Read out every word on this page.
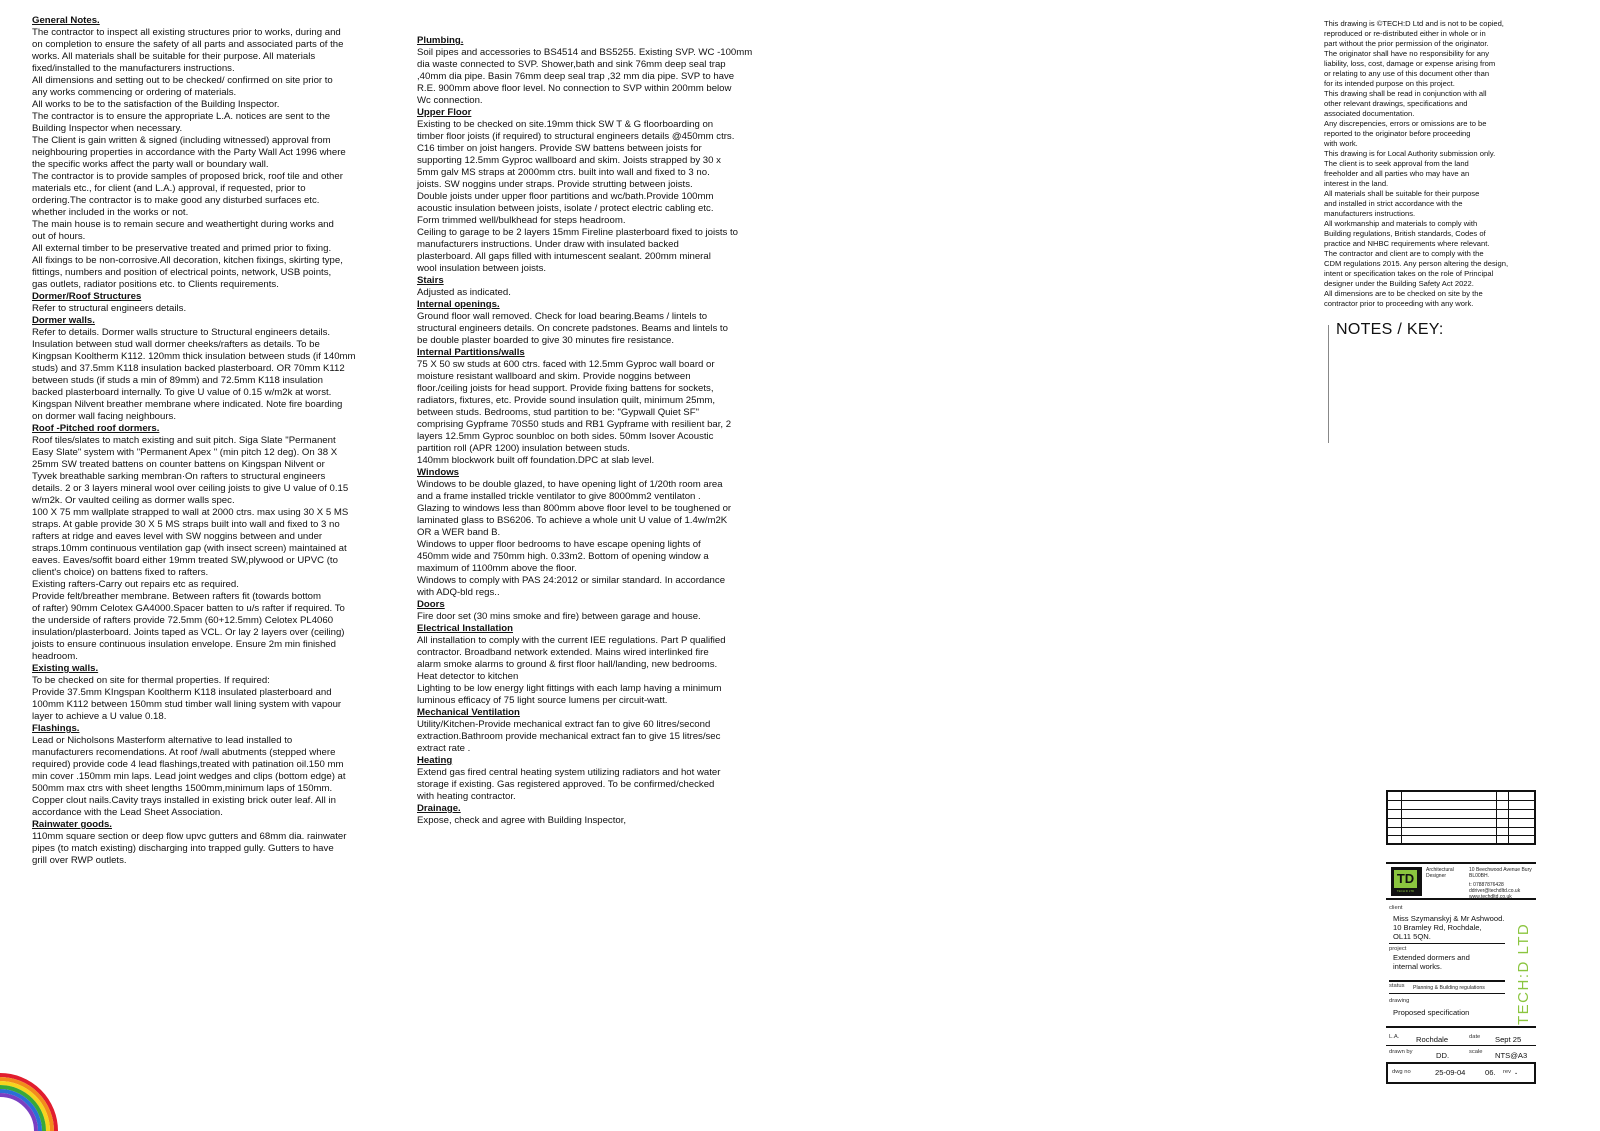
General Notes.
The contractor to inspect all existing structures prior to works, during and
on completion to ensure the safety of all parts and associated parts of the
works. All materials shall be suitable for their purpose. All materials
fixed/installed to the manufacturers instructions.
All dimensions and setting out to be checked/ confirmed on site prior to
any works commencing or ordering of materials.
All works to be to the satisfaction of the Building Inspector.
The contractor is to ensure the appropriate L.A. notices are sent to the
Building Inspector when necessary.
The Client is gain written & signed (including witnessed) approval from
neighbouring properties in accordance with the Party Wall Act 1996 where
the specific works affect the party wall or boundary wall.
The contractor is to provide samples of proposed brick, roof tile and other
materials etc., for client (and L.A.) approval, if requested, prior to
ordering.The contractor is to make good any disturbed surfaces etc.
whether included in the works or not.
The main house is to remain secure and weathertight during works and
out of hours.
All external timber to be preservative treated and primed prior to fixing.
All fixings to be non-corrosive.All decoration, kitchen fixings, skirting type,
fittings, numbers and position of electrical points, network, USB points,
gas outlets, radiator positions etc. to Clients requirements.
Dormer/Roof Structures
Refer to structural engineers details.
Dormer walls.
Refer to details. Dormer walls structure to Structural engineers details.
Insulation between stud wall dormer cheeks/rafters as details. To be
Kingpsan Kooltherm K112. 120mm thick insulation between studs (if 140mm
studs) and 37.5mm K118 insulation backed plasterboard. OR 70mm K112
between studs (if studs a min of 89mm) and 72.5mm K118 insulation
backed plasterboard internally. To give U value of 0.15 w/m2k at worst.
Kingspan Nilvent breather membrane where indicated. Note fire boarding
on dormer wall facing neighbours.
Roof -Pitched roof dormers.
Roof tiles/slates to match existing and suit pitch. Siga Slate "Permanent
Easy Slate" system with "Permanent Apex " (min pitch 12 deg). On 38 X
25mm SW treated battens on counter battens on Kingspan Nilvent or
Tyvek breathable sarking membran·On rafters to structural engineers
details. 2 or 3 layers mineral wool over ceiling joists to give U value of 0.15
w/m2k. Or vaulted ceiling as dormer walls spec.
100 X 75 mm wallplate strapped to wall at 2000 ctrs. max using 30 X 5 MS
straps. At gable provide 30 X 5 MS straps built into wall and fixed to 3 no
rafters at ridge and eaves level with SW noggins between and under
straps.10mm continuous ventilation gap (with insect screen) maintained at
eaves. Eaves/soffit board either 19mm treated SW,plywood or UPVC (to
client's choice) on battens fixed to rafters.
Existing rafters-Carry out repairs etc as required.
Provide felt/breather membrane. Between rafters fit (towards bottom
of rafter) 90mm Celotex GA4000.Spacer batten to u/s rafter if required. To
the underside of rafters provide 72.5mm (60+12.5mm) Celotex PL4060
insulation/plasterboard. Joints taped as VCL. Or lay 2 layers over (ceiling)
joists to ensure continuous insulation envelope. Ensure 2m min finished
headroom.
Existing walls.
To be checked on site for thermal properties. If required:
Provide 37.5mm KIngspan Kooltherm K118 insulated plasterboard and
100mm K112 between 150mm stud timber wall lining system with vapour
layer to achieve a U value 0.18.
Flashings.
Lead or Nicholsons Masterform alternative to lead installed to
manufacturers recomendations. At roof /wall abutments (stepped where
required) provide code 4 lead flashings,treated with patination oil.150 mm
min cover .150mm min laps. Lead joint wedges and clips (bottom edge) at
500mm max ctrs with sheet lengths 1500mm,minimum laps of 150mm.
Copper clout nails.Cavity trays installed in existing brick outer leaf. All in
accordance with the Lead Sheet Association.
Rainwater goods.
110mm square section or deep flow upvc gutters and 68mm dia. rainwater
pipes (to match existing) discharging into trapped gully. Gutters to have
grill over RWP outlets.
Plumbing.
Soil pipes and accessories to BS4514 and BS5255. Existing SVP. WC -100mm
dia waste connected to SVP. Shower,bath and sink 76mm deep seal trap
,40mm dia pipe. Basin 76mm deep seal trap ,32 mm dia pipe. SVP to have
R.E. 900mm above floor level. No connection to SVP within 200mm below
Wc connection.
Upper Floor
Existing to be checked on site.19mm thick SW T & G floorboarding on
timber floor joists (if required) to structural engineers details @450mm ctrs.
C16 timber on joist hangers. Provide SW battens between joists for
supporting 12.5mm Gyproc wallboard and skim. Joists strapped by 30 x
5mm galv MS straps at 2000mm ctrs. built into wall and fixed to 3 no.
joists. SW noggins under straps. Provide strutting between joists.
Double joists under upper floor partitions and wc/bath.Provide 100mm
acoustic insulation between joists, isolate / protect electric cabling etc.
Form trimmed well/bulkhead for steps headroom.
Ceiling to garage to be 2 layers 15mm Fireline plasterboard fixed to joists to
manufacturers instructions. Under draw with insulated backed
plasterboard. All gaps filled with intumescent sealant. 200mm mineral
wool insulation between joists.
Stairs
Adjusted as indicated.
Internal openings.
Ground floor wall removed. Check for load bearing.Beams / lintels to
structural engineers details. On concrete padstones. Beams and lintels to
be double plaster boarded to give 30 minutes fire resistance.
Internal Partitions/walls
75 X 50 sw studs at 600 ctrs. faced with 12.5mm Gyproc wall board or
moisture resistant wallboard and skim. Provide noggins between
floor./ceiling joists for head support. Provide fixing battens for sockets,
radiators, fixtures, etc. Provide sound insulation quilt, minimum 25mm,
between studs. Bedrooms, stud partition to be: "Gypwall Quiet SF"
comprising Gypframe 70S50 studs and RB1 Gypframe with resilient bar, 2
layers 12.5mm Gyproc sounbloc on both sides. 50mm Isover Acoustic
partition roll (APR 1200) insulation between studs.
140mm blockwork built off foundation.DPC at slab level.
Windows
Windows to be double glazed, to have opening light of 1/20th room area
and a frame installed trickle ventilator to give 8000mm2 ventilaton .
Glazing to windows less than 800mm above floor level to be toughened or
laminated glass to BS6206. To achieve a whole unit U value of 1.4w/m2K
OR a WER band B.
Windows to upper floor bedrooms to have escape opening lights of
450mm wide and 750mm high. 0.33m2. Bottom of opening window a
maximum of 1100mm above the floor.
Windows to comply with PAS 24:2012 or similar standard. In accordance
with ADQ-bld regs..
Doors
Fire door set (30 mins smoke and fire) between garage and house.
Electrical Installation
All installation to comply with the current IEE regulations. Part P qualified
contractor. Broadband network extended. Mains wired interlinked fire
alarm smoke alarms to ground & first floor hall/landing, new bedrooms.
Heat detector to kitchen
Lighting to be low energy light fittings with each lamp having a minimum
luminous efficacy of 75 light source lumens per circuit-watt.
Mechanical Ventilation
Utility/Kitchen-Provide mechanical extract fan to give 60 litres/second
extraction.Bathroom provide mechanical extract fan to give 15 litres/sec
extract rate .
Heating
Extend gas fired central heating system utilizing radiators and hot water
storage if existing. Gas registered approved. To be confirmed/checked
with heating contractor.
Drainage.
Expose, check and agree with Building Inspector,
This drawing is ©TECH:D Ltd and is not to be copied,
reproduced or re-distributed either in whole or in
part without the prior permission of the originator.
The originator shall have no responsibility for any
liability, loss, cost, damage or expense arising from
or relating to any use of this document other than
for its intended purpose on this project.
This drawing shall be read in conjunction with all
other relevant drawings, specifications and
associated documentation.
Any discrepencies, errors or omissions are to be
reported to the originator before proceeding
with work.
This drawing is for Local Authority submission only.
The client is to seek approval from the land
freeholder and all parties who may have an
interest in the land.
All materials shall be suitable for their purpose
and installed in strict accordance with the
manufacturers instructions.
All workmanship and materials to comply with
Building regulations, British standards, Codes of
practice and NHBC requirements where relevant.
The contractor and client are to comply with the
CDM regulations 2015. Any person altering the design,
intent or specification takes on the role of Principal
designer under the Building Safety Act 2022.
All dimensions are to be checked on site by the
contractor prior to proceeding with any work.
NOTES / KEY:
TD
TECH:D LTD
Architectural
Designer
10 Beechwood Avenue Bury
BL00BH.
t: 07887876428
ddriver@techdltd.co.uk
www.techdltd.co.uk
client
Miss Szymanskyj & Mr Ashwood.
10 Bramley Rd, Rochdale,
OL11 5QN.
project
Extended dormers and
internal works.
status Planning & Building regulations
drawing
Proposed specification
L.A. Rochdale	date Sept 25
drawn by	DD.	scale NTS@A3
dwg no	25-09-04	06. rev .
TECH:D LTD
